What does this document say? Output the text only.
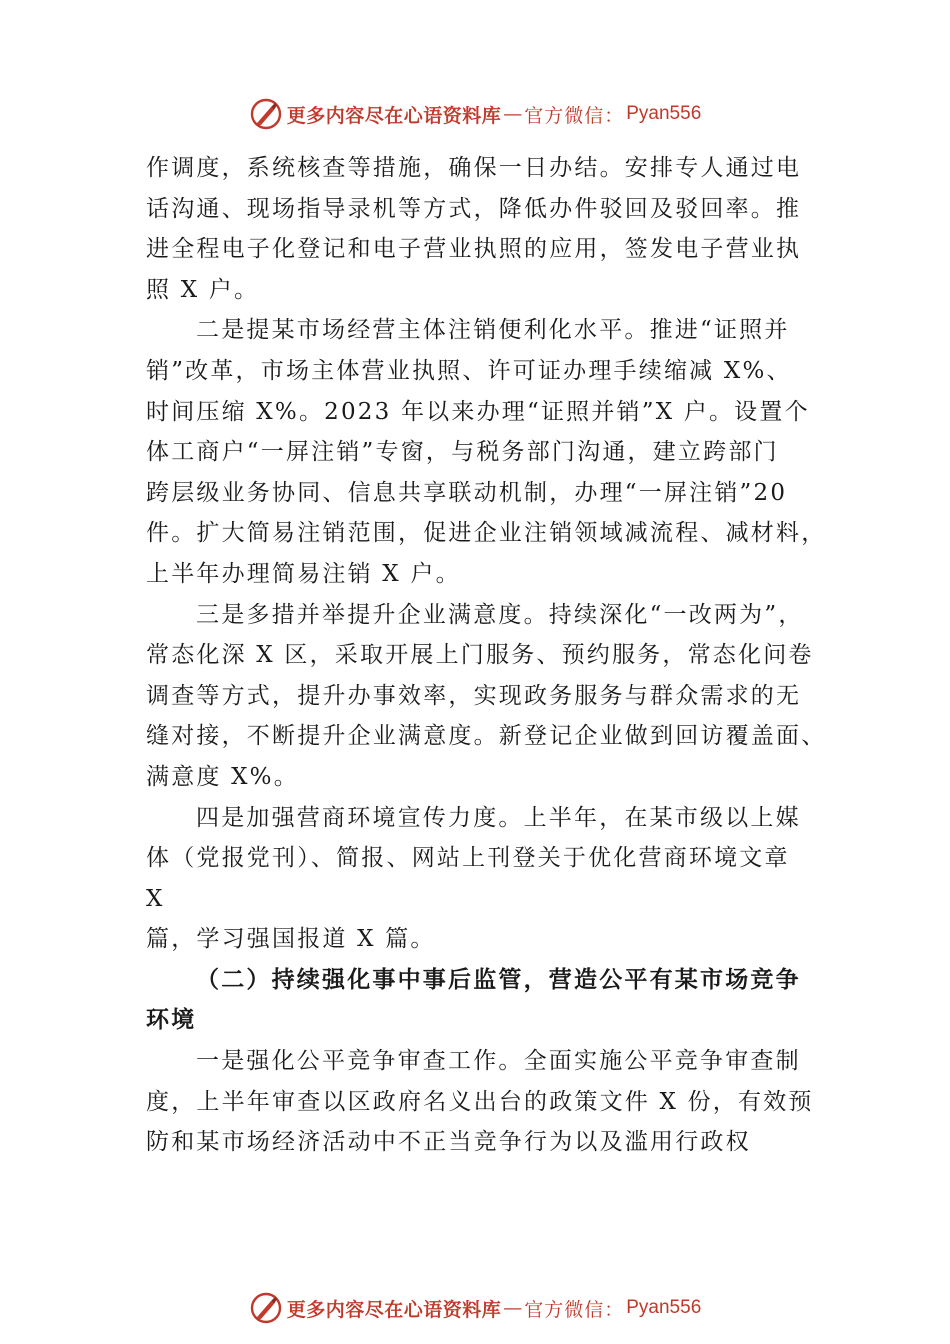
更多内容尽在心语资料库 — 官方微信： Pyan556
作调度，系统核查等措施，确保一日办结。安排专人通过电
话沟通、现场指导录机等方式，降低办件驳回及驳回率。推
进全程电子化登记和电子营业执照的应用，签发电子营业执
照 X 户。
二是提某市场经营主体注销便利化水平。推进“证照并
销”改革，市场主体营业执照、许可证办理手续缩减 X%、
时间压缩 X%。2023 年以来办理“证照并销”X 户。设置个
体工商户“一屏注销”专窗，与税务部门沟通，建立跨部门
跨层级业务协同、信息共享联动机制，办理“一屏注销”20
件。扩大简易注销范围，促进企业注销领域减流程、减材料，
上半年办理简易注销 X 户。
三是多措并举提升企业满意度。持续深化“一改两为”，
常态化深 X 区，采取开展上门服务、预约服务，常态化问卷
调查等方式，提升办事效率，实现政务服务与群众需求的无
缝对接，不断提升企业满意度。新登记企业做到回访覆盖面、
满意度 X%。
四是加强营商环境宣传力度。上半年，在某市级以上媒
体（党报党刊）、简报、网站上刊登关于优化营商环境文章
X
篇，学习强国报道 X 篇。
（二）持续强化事中事后监管，营造公平有某市场竞争
环境
一是强化公平竞争审查工作。全面实施公平竞争审查制
度，上半年审查以区政府名义出台的政策文件 X 份，有效预
防和某市场经济活动中不正当竞争行为以及滥用行政权
更多内容尽在心语资料库 — 官方微信： Pyan556
